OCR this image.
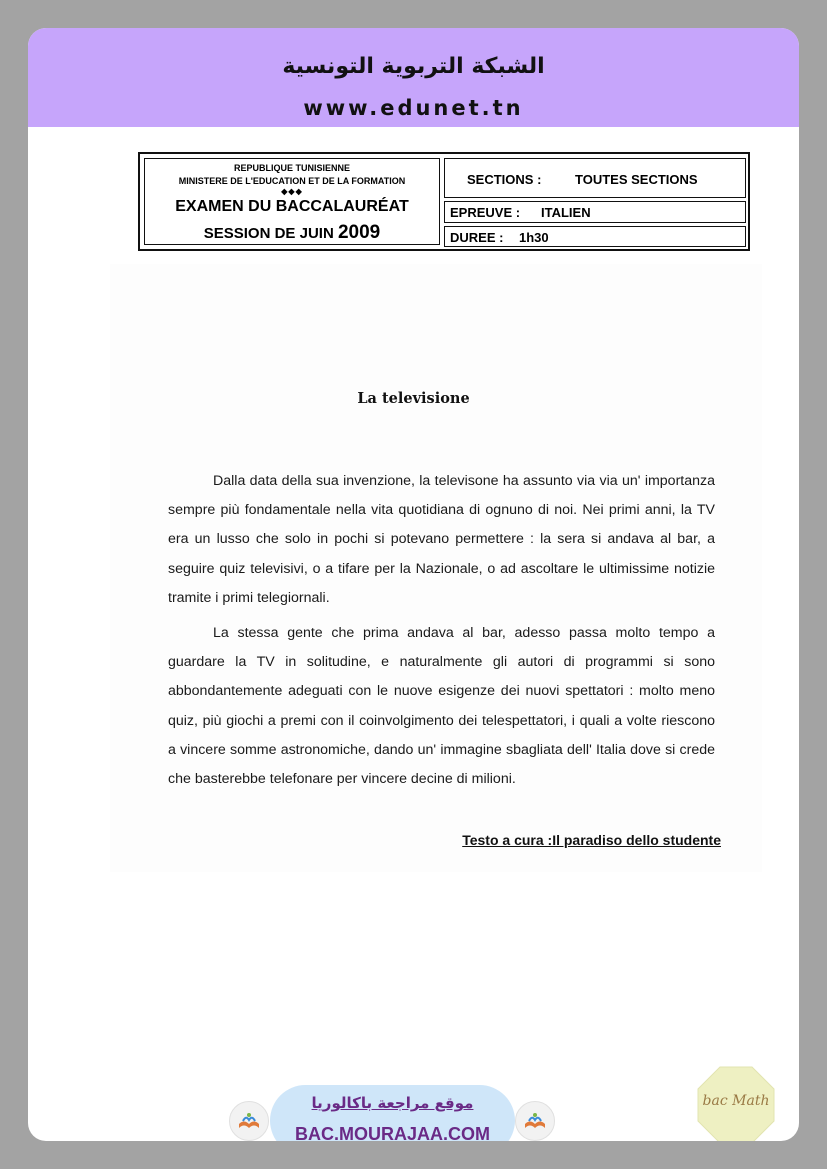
الشبكة التربوية التونسية
www.edunet.tn
REPUBLIQUE TUNISIENNE
MINISTERE DE L'EDUCATION ET DE LA FORMATION
◆◆◆
EXAMEN DU BACCALAURÉAT
SESSION DE JUIN 2009
SECTIONS :	TOUTES SECTIONS
EPREUVE : ITALIEN
DUREE : 1h30
La televisione

Dalla data della sua invenzione, la televisone ha assunto via via un' importanza sempre più fondamentale nella vita quotidiana di ognuno di noi. Nei primi anni, la TV era un lusso che solo in pochi si potevano permettere : la sera si andava al bar, a seguire quiz televisivi, o a tifare per la Nazionale, o ad ascoltare le ultimissime notizie tramite i primi telegiornali.

La stessa gente che prima andava al bar, adesso passa molto tempo a guardare la TV in solitudine, e naturalmente gli autori di programmi si sono abbondantemente adeguati con le nuove esigenze dei nuovi spettatori : molto meno quiz, più giochi a premi con il coinvolgimento dei telespettatori, i quali a volte riescono a vincere somme astronomiche, dando un' immagine sbagliata dell' Italia dove si crede che basterebbe telefonare per vincere decine di milioni.

Testo a cura :Il paradiso dello studente
موقع مراجعة باكالوريا
BAC.MOURAJAA.COM
bac Math
